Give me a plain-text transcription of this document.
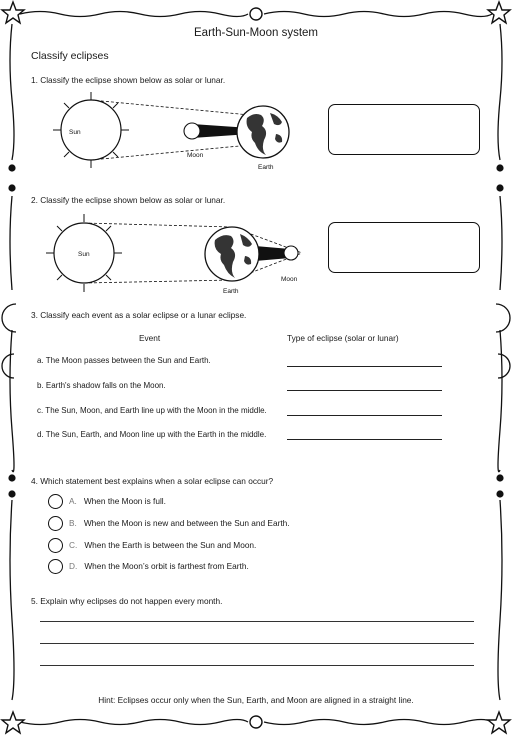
Earth-Sun-Moon system
Classify eclipses
1. Classify the eclipse shown below as solar or lunar.
Sun
Moon
Earth
2. Classify the eclipse shown below as solar or lunar.
Sun
Earth
Moon
3. Classify each event as a solar eclipse or a lunar eclipse.
Event	Type of eclipse (solar or lunar)
a. The Moon passes between the Sun and Earth.
b. Earth's shadow falls on the Moon.
c. The Sun, Moon, and Earth line up with the Moon in the middle.
d. The Sun, Earth, and Moon line up with the Earth in the middle.
4. Which statement best explains when a solar eclipse can occur?
A. When the Moon is full.
B. When the Moon is new and between the Sun and Earth.
C. When the Earth is between the Sun and Moon.
D. When the Moon’s orbit is farthest from Earth.
5. Explain why eclipses do not happen every month.
Hint: Eclipses occur only when the Sun, Earth, and Moon are aligned in a straight line.
